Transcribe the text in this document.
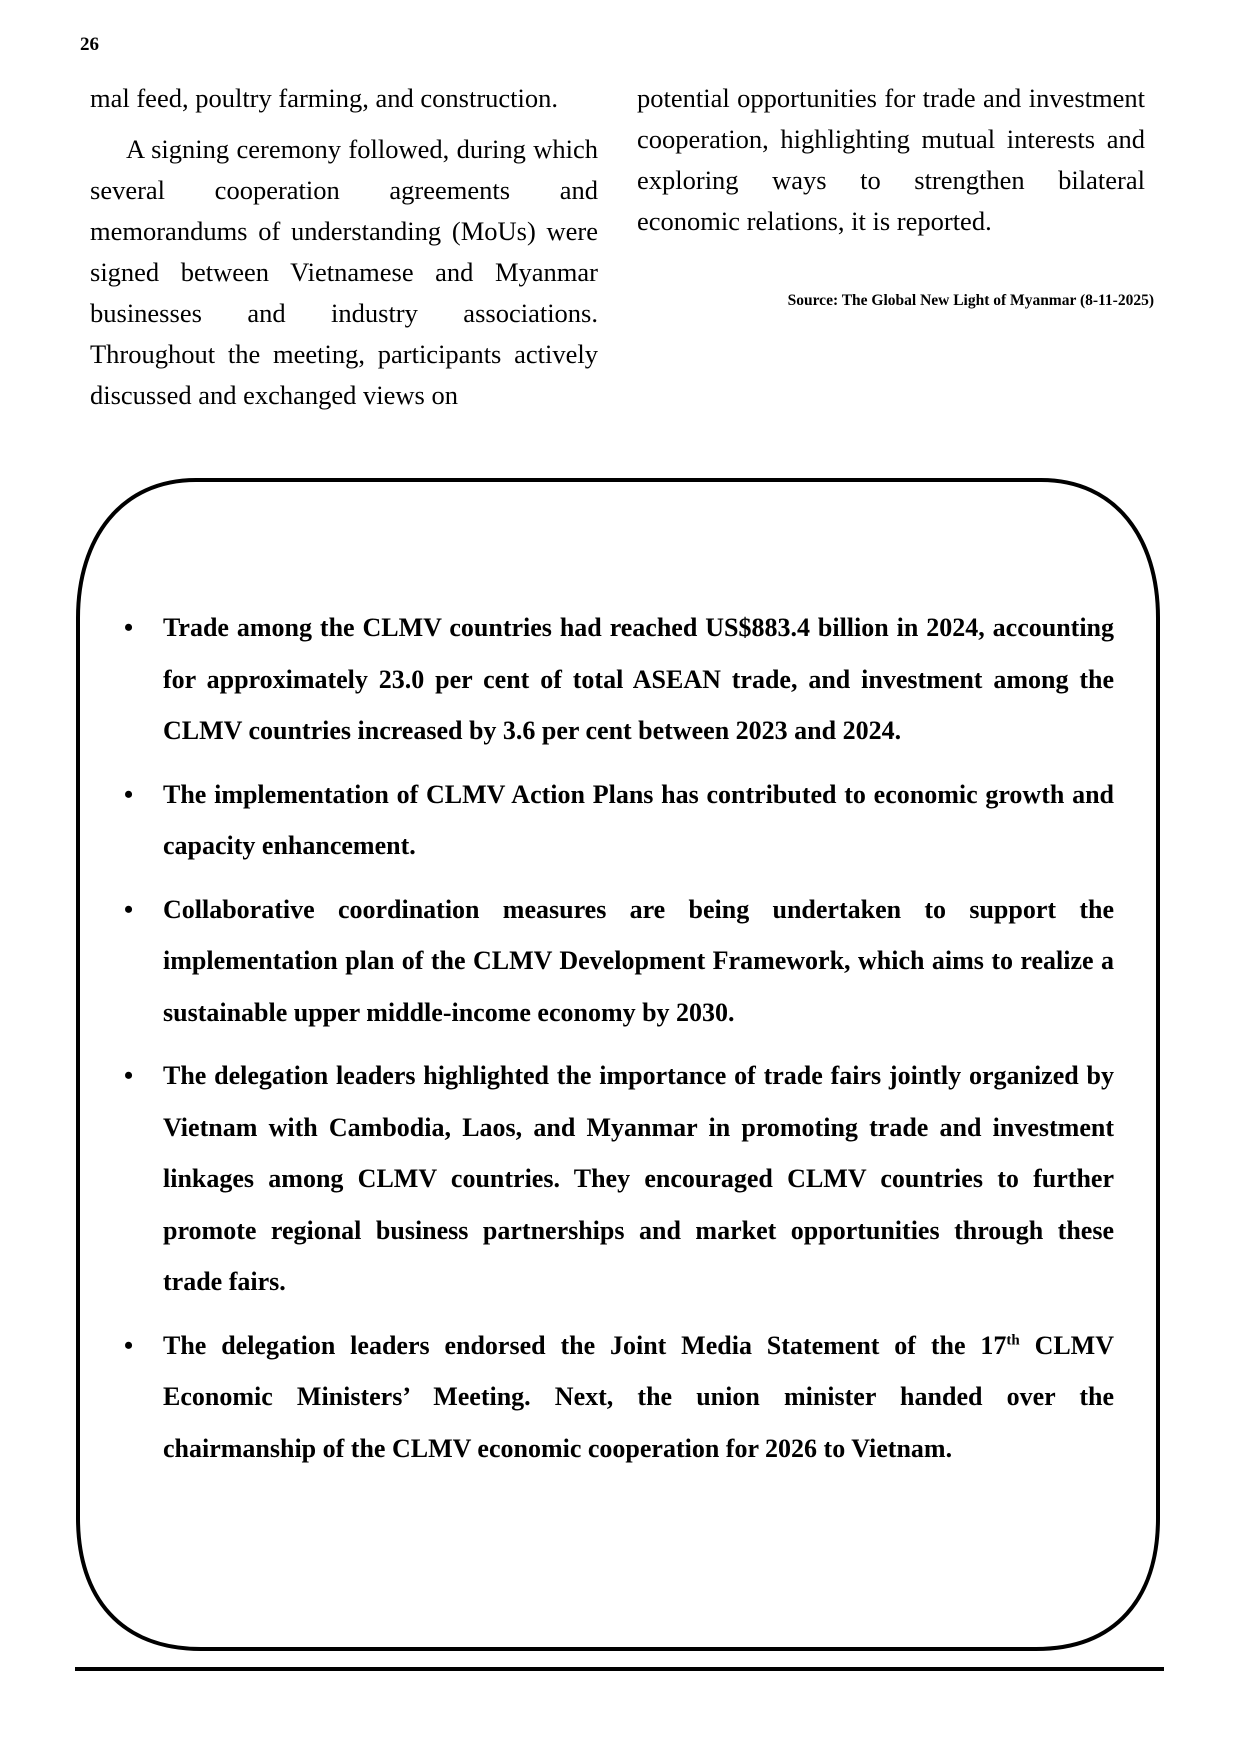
26

mal feed, poultry farming, and construction.

A signing ceremony followed, during which several cooperation agreements and memorandums of understanding (MoUs) were signed between Vietnamese and Myanmar businesses and industry associations. Throughout the meeting, participants actively discussed and exchanged views on

potential opportunities for trade and investment cooperation, highlighting mutual interests and exploring ways to strengthen bilateral economic relations, it is reported.

Source: The Global New Light of Myanmar (8-11-2025)
• Trade among the CLMV countries had reached US$883.4 billion in 2024, accounting for approximately 23.0 per cent of total ASEAN trade, and investment among the CLMV countries increased by 3.6 per cent between 2023 and 2024.
• The implementation of CLMV Action Plans has contributed to economic growth and capacity enhancement.
• Collaborative coordination measures are being undertaken to support the implementation plan of the CLMV Development Framework, which aims to realize a sustainable upper middle-income economy by 2030.
• The delegation leaders highlighted the importance of trade fairs jointly organized by Vietnam with Cambodia, Laos, and Myanmar in promoting trade and investment linkages among CLMV countries. They encouraged CLMV countries to further promote regional business partnerships and market opportunities through these trade fairs.
• The delegation leaders endorsed the Joint Media Statement of the 17th CLMV Economic Ministers’ Meeting. Next, the union minister handed over the chairmanship of the CLMV economic cooperation for 2026 to Vietnam.
